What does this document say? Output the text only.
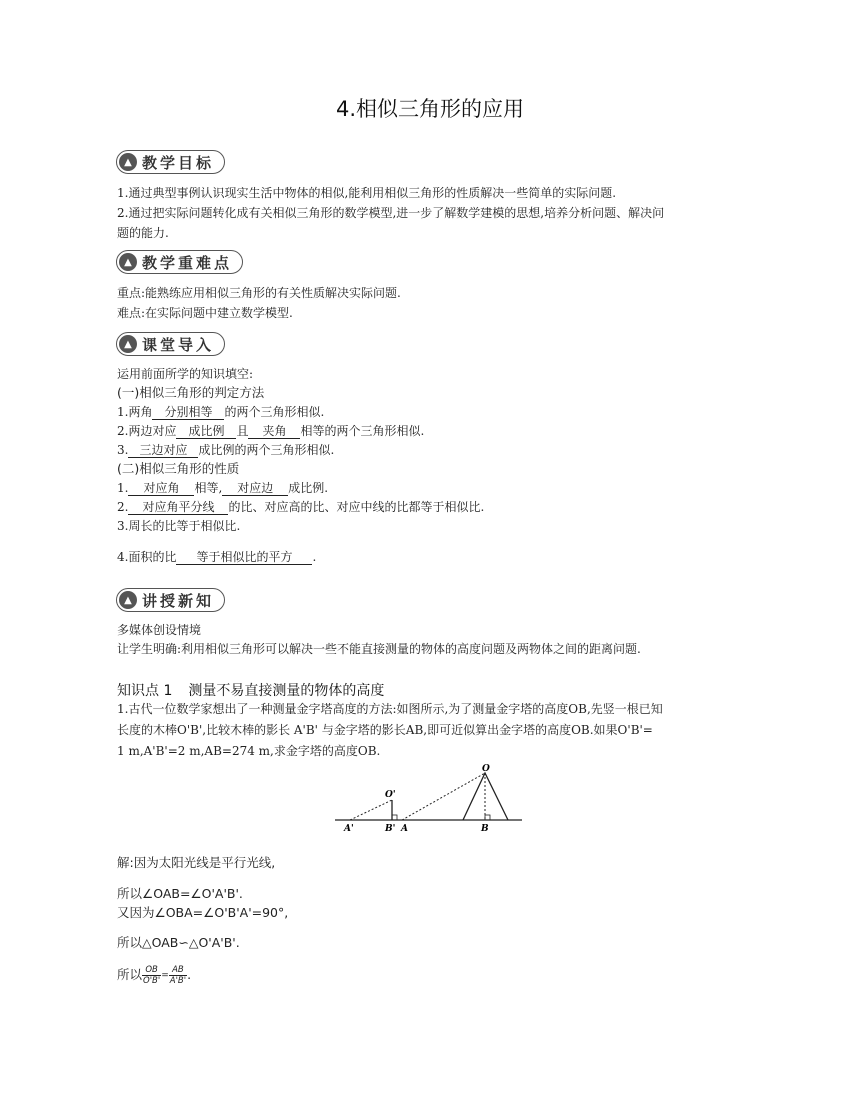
4.相似三角形的应用
▲ 教学目标
1.通过典型事例认识现实生活中物体的相似,能利用相似三角形的性质解决一些简单的实际问题.
2.通过把实际问题转化成有关相似三角形的数学模型,进一步了解数学建模的思想,培养分析问题、解决问
题的能力.
▲ 教学重难点
重点:能熟练应用相似三角形的有关性质解决实际问题.
难点:在实际问题中建立数学模型.
▲ 课堂导入
运用前面所学的知识填空:
(一)相似三角形的判定方法
1.两角 分别相等 的两个三角形相似.
2.两边对应 成比例 且 夹角 相等的两个三角形相似.
3. 三边对应 成比例的两个三角形相似.
(二)相似三角形的性质
1. 对应角 相等, 对应边 成比例.
2. 对应角平分线 的比、对应高的比、对应中线的比都等于相似比.
3.周长的比等于相似比.
4.面积的比 等于相似比的平方 .
▲ 讲授新知
多媒体创设情境
让学生明确:利用相似三角形可以解决一些不能直接测量的物体的高度问题及两物体之间的距离问题.
知识点 1 测量不易直接测量的物体的高度
1.古代一位数学家想出了一种测量金字塔高度的方法:如图所示,为了测量金字塔的高度OB,先竖一根已知
长度的木棒O'B',比较木棒的影长 A'B' 与金字塔的影长AB,即可近似算出金字塔的高度OB.如果O'B'=
1 m,A'B'=2 m,AB=274 m,求金字塔的高度OB.
O
O'
A'	B' A	B
解:因为太阳光线是平行光线,
所以∠OAB=∠O'A'B'.
又因为∠OBA=∠O'B'A'=90°,
所以△OAB∽△O'A'B'.
所以 $\frac{OB}{O'B'} = \frac{AB}{A'B'}$ .
